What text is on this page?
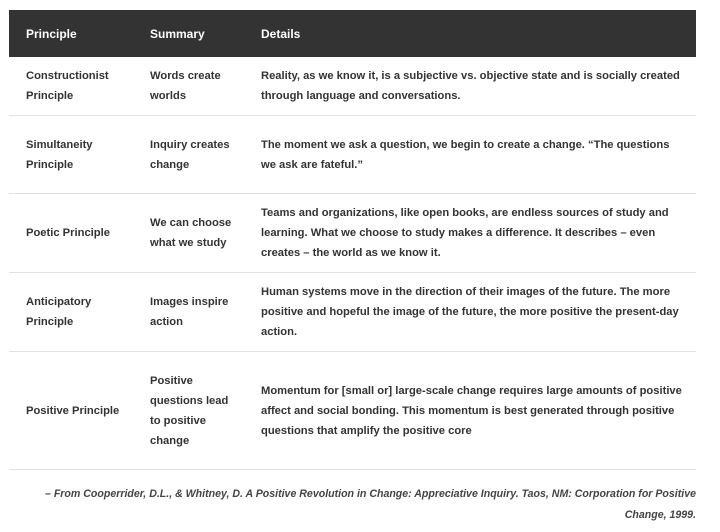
Principle	Summary	Details
Constructionist Principle	Words create worlds	Reality, as we know it, is a subjective vs. objective state and is socially created through language and conversations.
Simultaneity Principle	Inquiry creates change	The moment we ask a question, we begin to create a change. “The questions we ask are fateful.”
Poetic Principle	We can choose what we study	Teams and organizations, like open books, are endless sources of study and learning. What we choose to study makes a difference. It describes – even creates – the world as we know it.
Anticipatory Principle	Images inspire action	Human systems move in the direction of their images of the future. The more positive and hopeful the image of the future, the more positive the present-day action.
Positive Principle	Positive questions lead to positive change	Momentum for [small or] large-scale change requires large amounts of positive affect and social bonding. This momentum is best generated through positive questions that amplify the positive core
– From Cooperrider, D.L., & Whitney, D. A Positive Revolution in Change: Appreciative Inquiry. Taos, NM: Corporation for Positive Change, 1999.
